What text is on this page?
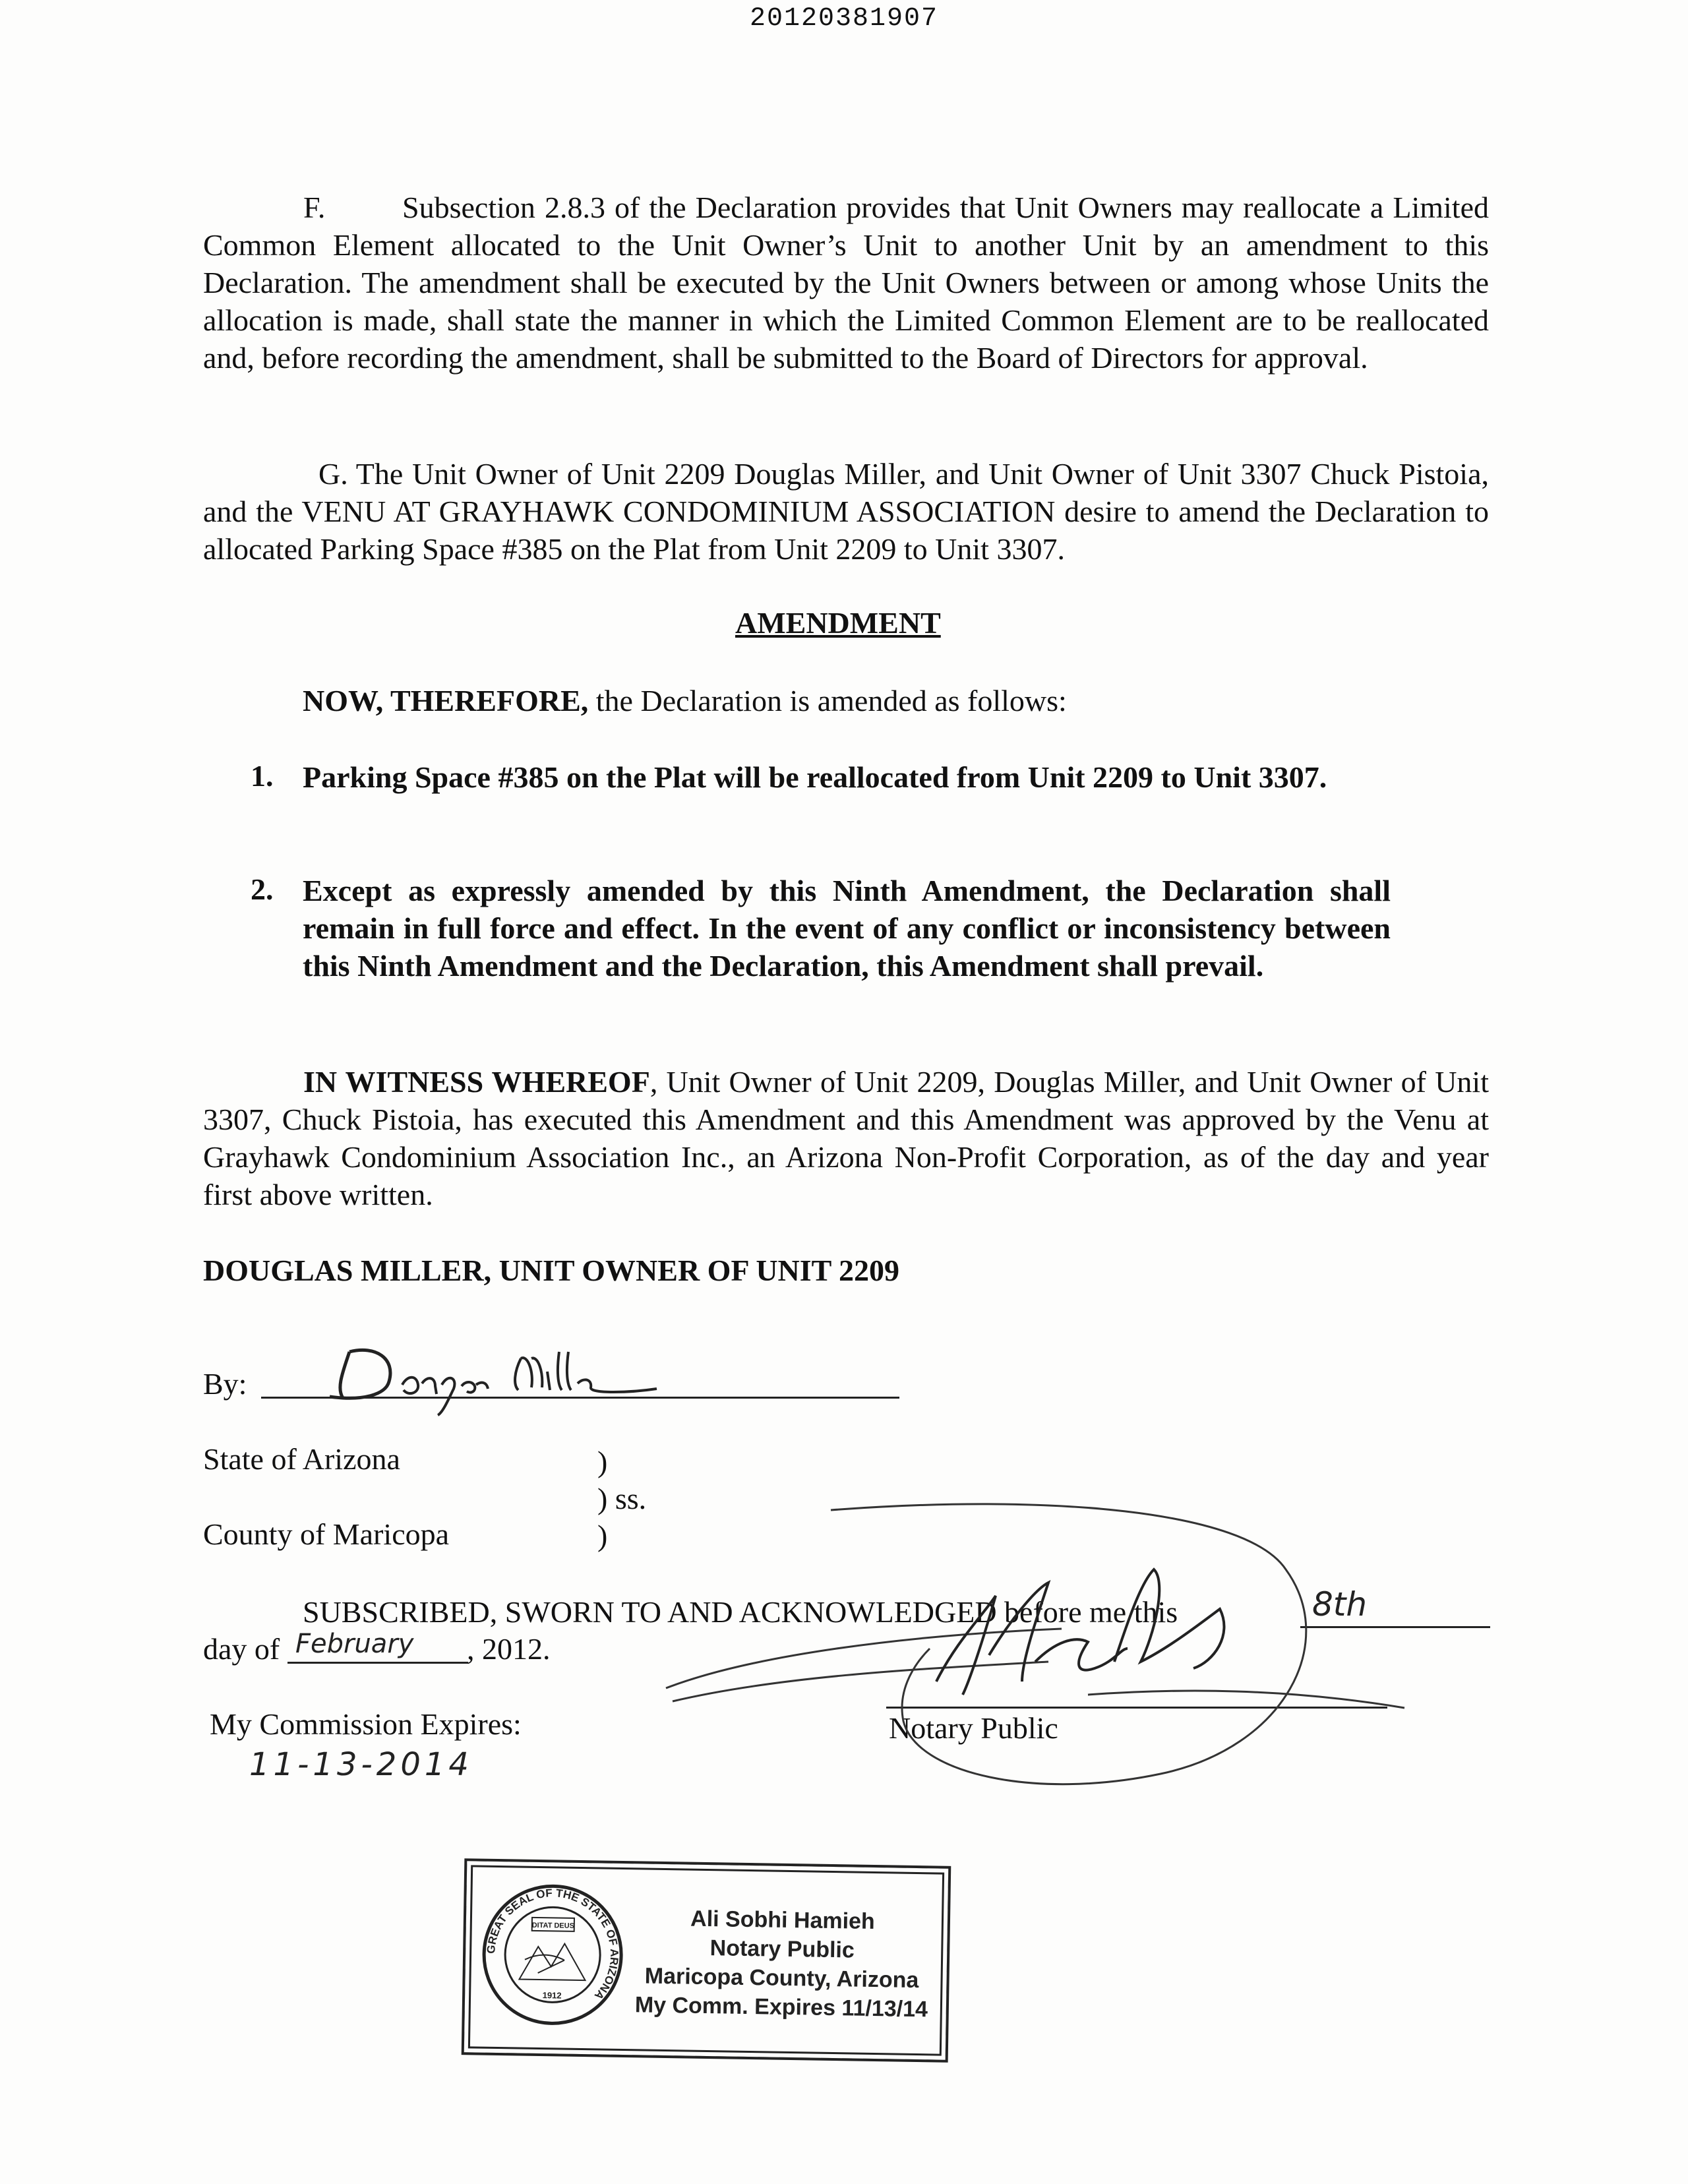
20120381907
F.	Subsection 2.8.3 of the Declaration provides that Unit Owners may reallocate a Limited Common Element allocated to the Unit Owner’s Unit to another Unit by an amendment to this Declaration. The amendment shall be executed by the Unit Owners between or among whose Units the allocation is made, shall state the manner in which the Limited Common Element are to be reallocated and, before recording the amendment, shall be submitted to the Board of Directors for approval.
G. The Unit Owner of Unit 2209 Douglas Miller, and Unit Owner of Unit 3307 Chuck Pistoia, and the VENU AT GRAYHAWK CONDOMINIUM ASSOCIATION desire to amend the Declaration to allocated Parking Space #385 on the Plat from Unit 2209 to Unit 3307.
AMENDMENT
NOW, THEREFORE, the Declaration is amended as follows:
1. Parking Space #385 on the Plat will be reallocated from Unit 2209 to Unit 3307.
2. Except as expressly amended by this Ninth Amendment, the Declaration shall remain in full force and effect. In the event of any conflict or inconsistency between this Ninth Amendment and the Declaration, this Amendment shall prevail.
IN WITNESS WHEREOF, Unit Owner of Unit 2209, Douglas Miller, and Unit Owner of Unit 3307, Chuck Pistoia, has executed this Amendment and this Amendment was approved by the Venu at Grayhawk Condominium Association Inc., an Arizona Non-Profit Corporation, as of the day and year first above written.
DOUGLAS MILLER, UNIT OWNER OF UNIT 2209
By:
State of Arizona
County of Maricopa
)
) ss.
)
SUBSCRIBED, SWORN TO AND ACKNOWLEDGED before me this	8th
day of February , 2012.
My Commission Expires:
11-13-2014
Notary Public
GREAT SEAL OF THE STATE OF ARIZONA
DITAT DEUS
1912
Ali Sobhi Hamieh
Notary Public
Maricopa County, Arizona
My Comm. Expires 11/13/14
